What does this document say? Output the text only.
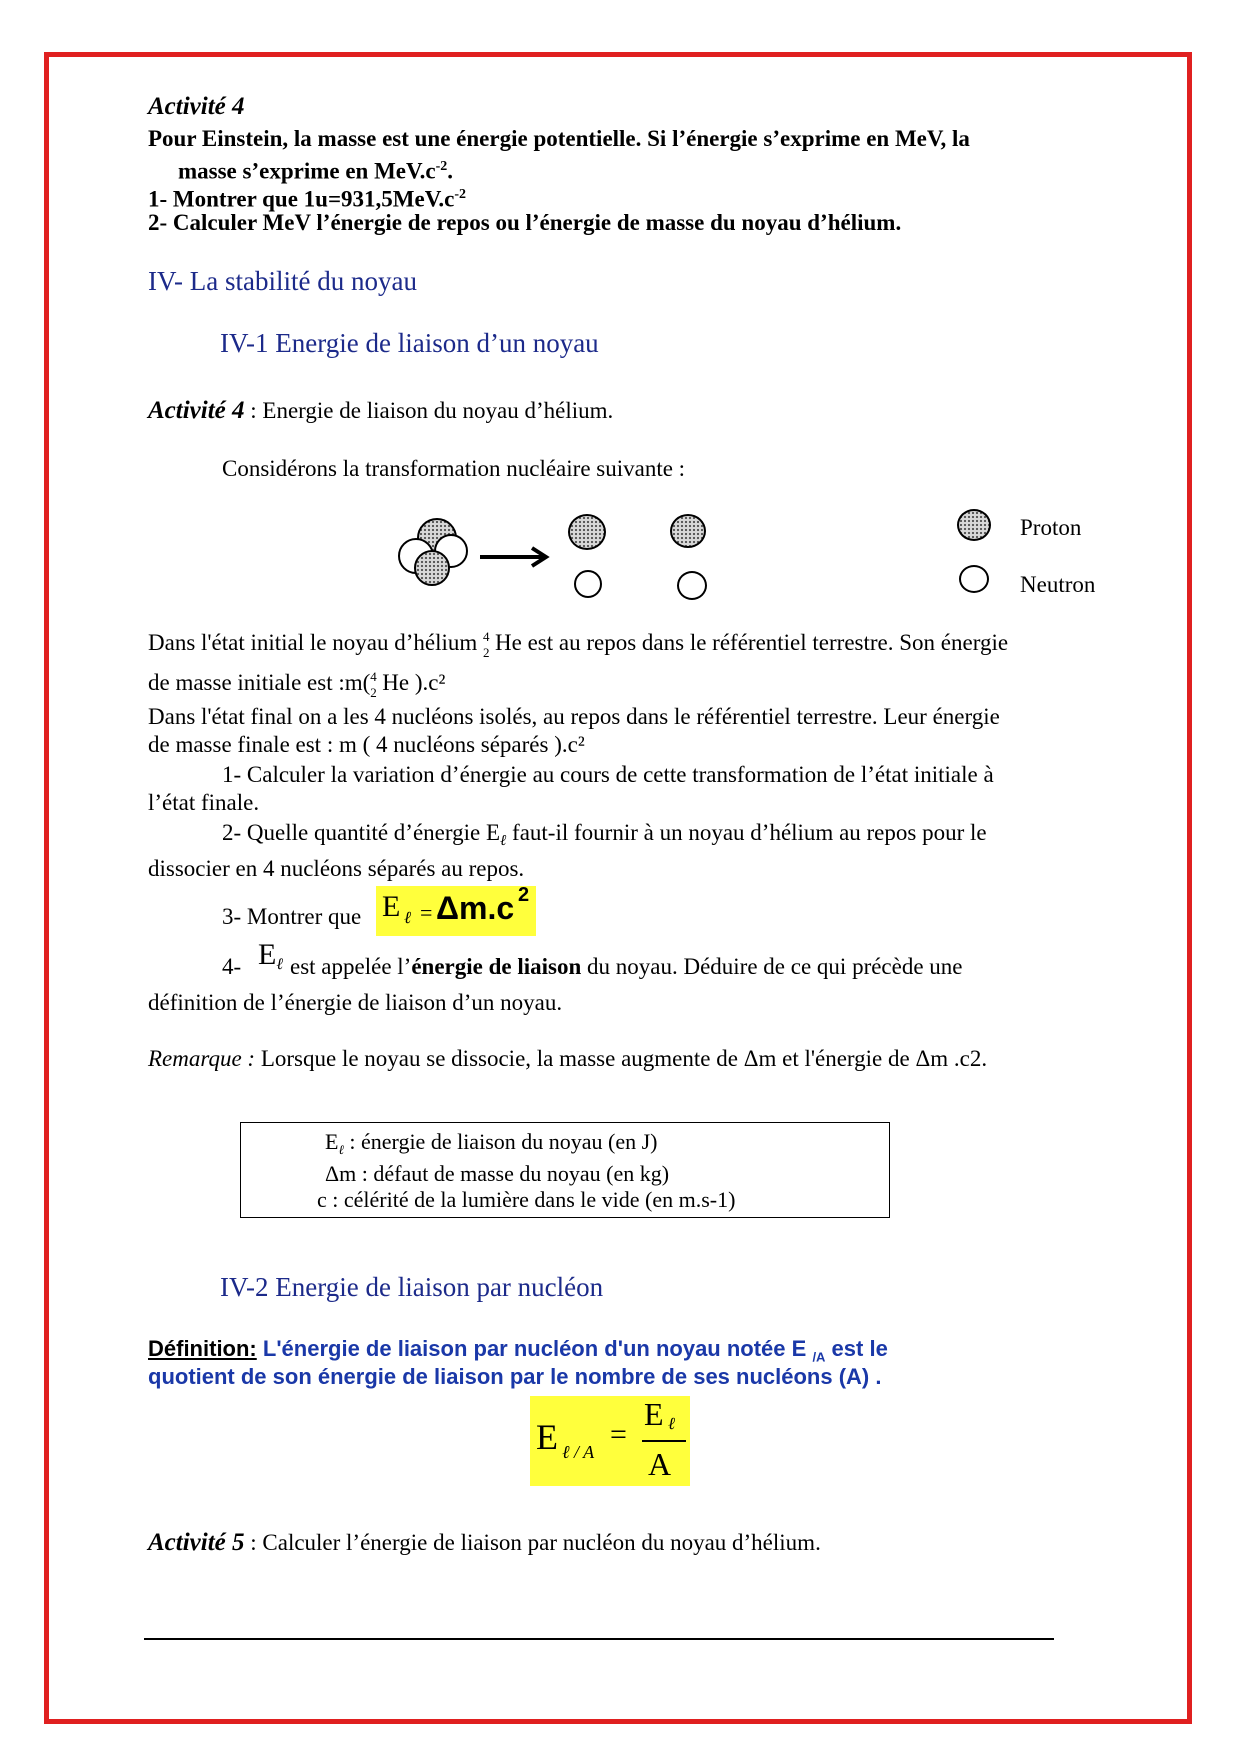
Activité 4
Pour Einstein, la masse est une énergie potentielle. Si l’énergie s’exprime en MeV, la
masse s’exprime en $MeV.c^{-2}$.
1- Montrer que $1u=931,5MeV.c^{-2}$
2- Calculer MeV l’énergie de repos ou l’énergie de masse du noyau d’hélium.
IV- La stabilité du noyau
IV-1 Energie de liaison d’un noyau
Activité 4 : Energie de liaison du noyau d’hélium.
Considérons la transformation nucléaire suivante :
Proton
Neutron
Dans l'état initial le noyau d’hélium 4
2 He est au repos dans le référentiel terrestre. Son énergie
de masse initiale est :m( 4
2 He ).c²
Dans l'état final on a les 4 nucléons isolés, au repos dans le référentiel terrestre. Leur énergie
de masse finale est : m ( 4 nucléons séparés ).c²
1- Calculer la variation d’énergie au cours de cette transformation de l’état initiale à
l’état finale.
2- Quelle quantité d’énergie $E_\ell$ faut-il fournir à un noyau d’hélium au repos pour le
dissocier en 4 nucléons séparés au repos.
3- Montrer que E ℓ = Δm.c 2
4- Eℓ est appelée l’énergie de liaison du noyau. Déduire de ce qui précède une
définition de l’énergie de liaison d’un noyau.
Remarque : Lorsque le noyau se dissocie, la masse augmente de Δm et l'énergie de Δm .c2.
$E_\ell$ : énergie de liaison du noyau (en J)
Δm : défaut de masse du noyau (en kg)
c : célérité de la lumière dans le vide (en m.s-1)
IV-2 Energie de liaison par nucléon
Définition: L'énergie de liaison par nucléon d'un noyau notée E $_{/A}$ est le
quotient de son énergie de liaison par le nombre de ses nucléons (A) .
E ℓ / A
=
E ℓ
A
Activité 5 : Calculer l’énergie de liaison par nucléon du noyau d’hélium.
